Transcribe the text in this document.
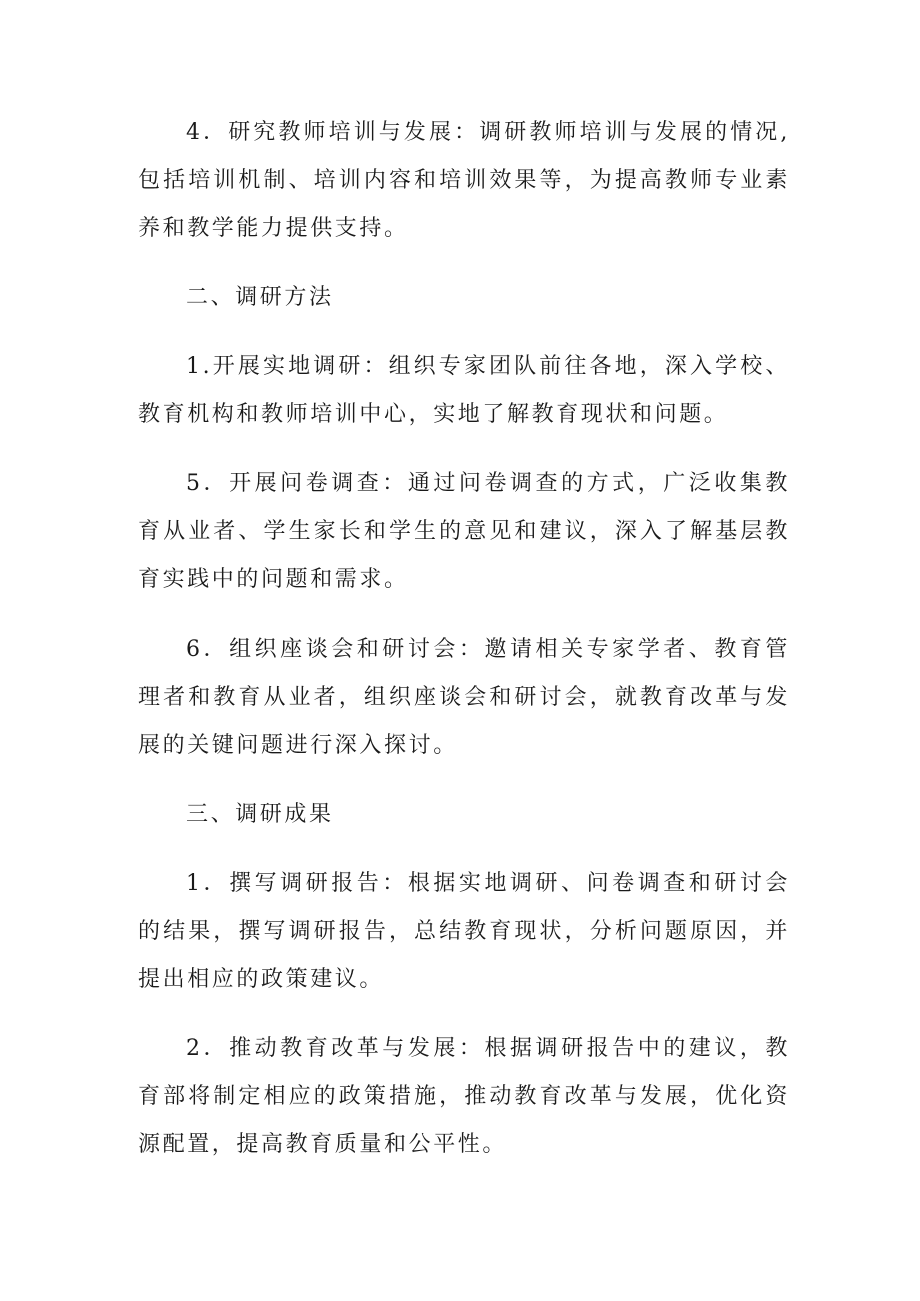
4．研究教师培训与发展：调研教师培训与发展的情况,包括培训机制、培训内容和培训效果等，为提高教师专业素养和教学能力提供支持。

二、调研方法

1.开展实地调研：组织专家团队前往各地，深入学校、教育机构和教师培训中心，实地了解教育现状和问题。

5．开展问卷调查：通过问卷调查的方式，广泛收集教育从业者、学生家长和学生的意见和建议，深入了解基层教育实践中的问题和需求。

6．组织座谈会和研讨会：邀请相关专家学者、教育管理者和教育从业者，组织座谈会和研讨会，就教育改革与发展的关键问题进行深入探讨。

三、调研成果

1．撰写调研报告：根据实地调研、问卷调查和研讨会的结果，撰写调研报告，总结教育现状，分析问题原因，并提出相应的政策建议。

2．推动教育改革与发展：根据调研报告中的建议，教育部将制定相应的政策措施，推动教育改革与发展，优化资源配置，提高教育质量和公平性。
